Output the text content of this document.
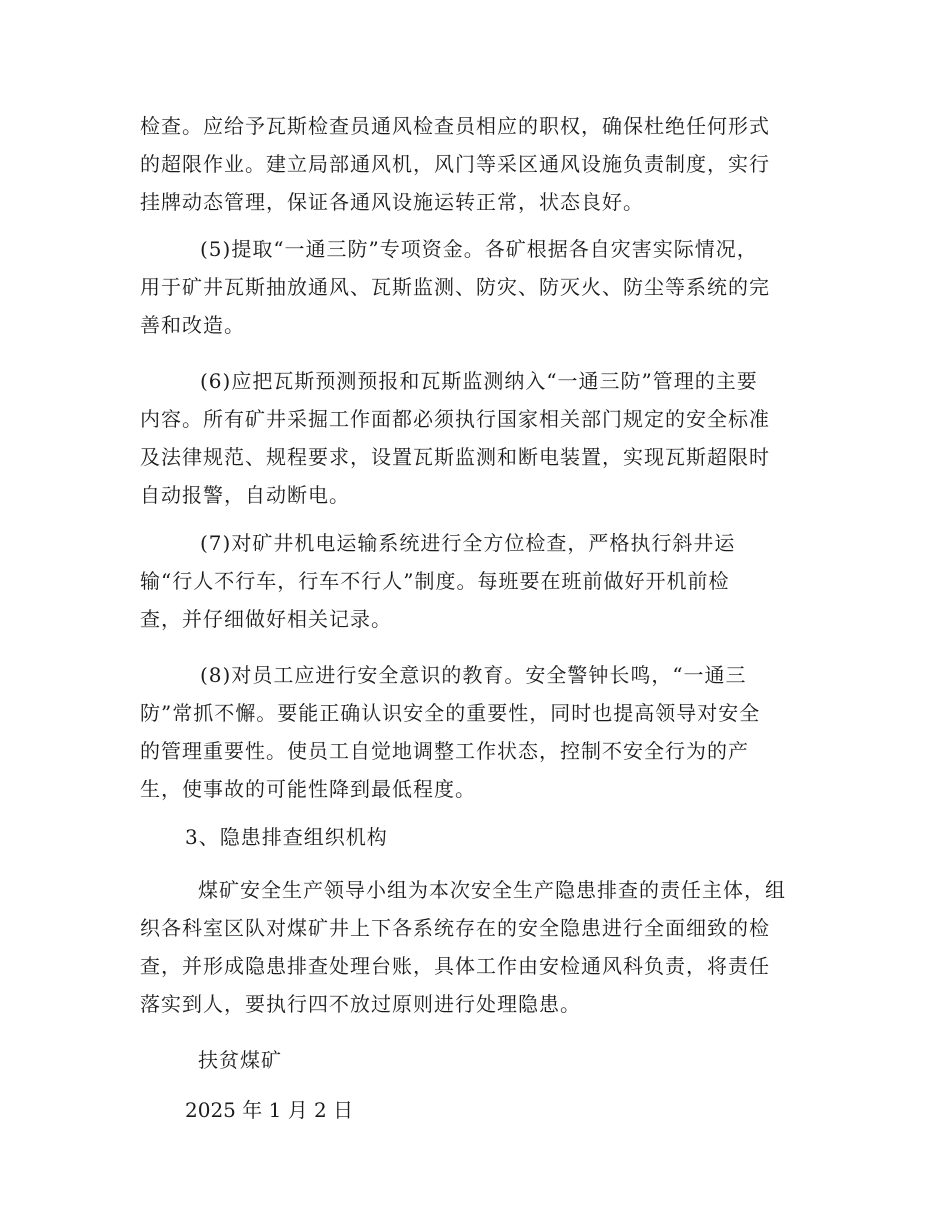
检查。应给予瓦斯检查员通风检查员相应的职权，确保杜绝任何形式
的超限作业。建立局部通风机，风门等采区通风设施负责制度，实行
挂牌动态管理，保证各通风设施运转正常，状态良好。

(5)提取“一通三防”专项资金。各矿根据各自灾害实际情况，
用于矿井瓦斯抽放通风、瓦斯监测、防灾、防灭火、防尘等系统的完
善和改造。

(6)应把瓦斯预测预报和瓦斯监测纳入“一通三防”管理的主要
内容。所有矿井采掘工作面都必须执行国家相关部门规定的安全标准
及法律规范、规程要求，设置瓦斯监测和断电装置，实现瓦斯超限时
自动报警，自动断电。

(7)对矿井机电运输系统进行全方位检查，严格执行斜井运
输“行人不行车，行车不行人”制度。每班要在班前做好开机前检
查，并仔细做好相关记录。

(8)对员工应进行安全意识的教育。安全警钟长鸣，“一通三
防”常抓不懈。要能正确认识安全的重要性，同时也提高领导对安全
的管理重要性。使员工自觉地调整工作状态，控制不安全行为的产
生，使事故的可能性降到最低程度。

3、隐患排查组织机构

煤矿安全生产领导小组为本次安全生产隐患排查的责任主体，组
织各科室区队对煤矿井上下各系统存在的安全隐患进行全面细致的检
查，并形成隐患排查处理台账，具体工作由安检通风科负责，将责任
落实到人，要执行四不放过原则进行处理隐患。

扶贫煤矿

2025 年 1 月 2 日
